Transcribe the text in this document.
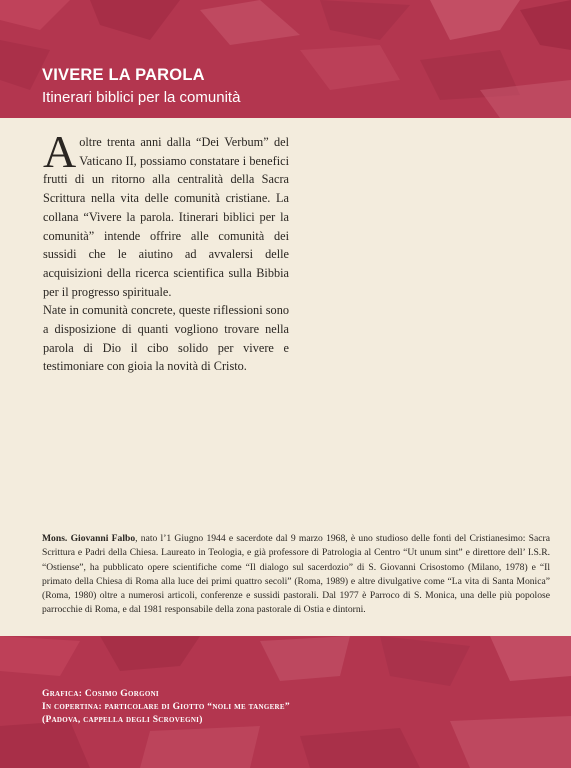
VIVERE LA PAROLA
Itinerari biblici per la comunità

A oltre trenta anni dalla “Dei Verbum” del Vaticano II, possiamo constatare i benefici frutti di un ritorno alla centralità della Sacra Scrittura nella vita delle comunità cristiane. La collana “Vivere la parola. Itinerari biblici per la comunità” intende offrire alle comunità dei sussidi che le aiutino ad avvalersi delle acquisizioni della ricerca scientifica sulla Bibbia per il progresso spirituale.

Nate in comunità concrete, queste riflessioni sono a disposizione di quanti vogliono trovare nella parola di Dio il cibo solido per vivere e testimoniare con gioia la novità di Cristo.

Mons. Giovanni Falbo, nato l’1 Giugno 1944 e sacerdote dal 9 marzo 1968, è uno studioso delle fonti del Cristianesimo: Sacra Scrittura e Padri della Chiesa. Laureato in Teologia, e già professore di Patrologia al Centro “Ut unum sint” e direttore dell’ I.S.R. “Ostiense”, ha pubblicato opere scientifiche come “Il dialogo sul sacerdozio” di S. Giovanni Crisostomo (Milano, 1978) e “Il primato della Chiesa di Roma alla luce dei primi quattro secoli” (Roma, 1989) e altre divulgative come “La vita di Santa Monica” (Roma, 1980) oltre a numerosi articoli, conferenze e sussidi pastorali. Dal 1977 è Parroco di S. Monica, una delle più popolose parrocchie di Roma, e dal 1981 responsabile della zona pastorale di Ostia e dintorni.

Grafica: Cosimo Gorgoni
In copertina: particolare di Giotto “noli me tangere”
(Padova, cappella degli Scrovegni)
